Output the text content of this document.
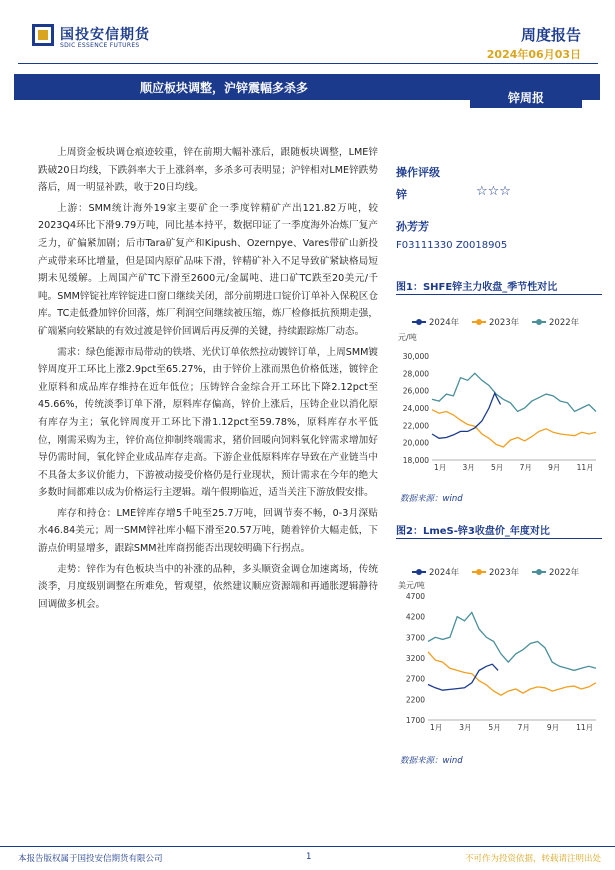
国投安信期货
SDIC ESSENCE FUTURES
周度报告
2024年06月03日
顺应板块调整，沪锌震幅多杀多
锌周报

上周资金板块调仓痕迹较重，锌在前期大幅补涨后，跟随板块调整，LME锌跌破20日均线，下跌斜率大于上涨斜率，多杀多可表明显；沪锌相对LME锌跌势落后，周一明显补跌，收于20日均线。

上游：SMM统计海外19家主要矿企一季度锌精矿产出121.82万吨，较2023Q4环比下滑9.79万吨，同比基本持平，数据印证了一季度海外冶炼厂复产乏力，矿偏紧加剧；后市Tara矿复产和Kipush、Ozernpye、Vares带矿山新投产或带来环比增量，但是国内原矿品味下滑，锌精矿补入不足导致矿紧缺格局短期未见缓解。上周国产矿TC下滑至2600元/金属吨、进口矿TC跌至20美元/千吨。SMM锌锭社库锌锭进口窗口继续关闭，部分前期进口锭价订单补入保税区仓库。TC走低叠加锌价回落，炼厂利润空间继续被压缩，炼厂检修抵抗预期走强，矿端紧向较紧缺的有效过渡是锌价回调后再反弹的关键，持续跟踪炼厂动态。

需求：绿色能源市局带动的铁塔、光伏订单依然拉动镀锌订单，上周SMM镀锌周度开工环比上涨2.9pct至65.27%，由于锌价上涨而黑色价格低迷，镀锌企业原料和成品库存维持在近年低位；压铸锌合金综合开工环比下降2.12pct至45.66%，传统淡季订单下滑，原料库存偏高，锌价上涨后，压铸企业以消化原有库存为主；氧化锌周度开工环比下滑1.12pct至59.78%，原料库存水平低位，刚需采购为主，锌价高位抑制终端需求，猪价回暖向饲料氧化锌需求增加好导仍需时间，氧化锌企业成品库存走高。下游企业低原料库存导致在产业链当中不具备太多议价能力，下游被动接受价格仍是行业现状，预计需求在今年的绝大多数时间都难以成为价格运行主逻辑。端午假期临近，适当关注下游放假安排。

库存和持仓：LME锌库存增5千吨至25.7万吨，回调节奏不畅，0-3月深贴水46.84美元；周一SMM锌社库小幅下滑至20.57万吨，随着锌价大幅走低，下游点价明显增多，跟踪SMM社库商拐能否出现较明确下行拐点。

走势：锌作为有色板块当中的补涨的品种，多头顺资金调仓加速离场，传统淡季，月度级别调整在所难免，暂观望，依然建议顺应资源端和再通胀逻辑静待回调做多机会。

操作评级
锌	☆☆☆
孙芳芳
F03111330 Z0018905
图1：SHFE锌主力收盘_季节性对比
2024年	2023年	2022年
元/吨
30,000
28,000
26,000
24,000
22,000
20,000
18,000
1月 3月 5月 7月 9月 11月
数据来源：wind
图2：LmeS-锌3收盘价_年度对比
2024年	2023年	2022年
美元/吨
4700
4200
3700
3200
2700
2200
1700
1月 3月 5月 7月 9月 11月
数据来源：wind
本报告版权属于国投安信期货有限公司	1	不可作为投资依据，转载请注明出处
